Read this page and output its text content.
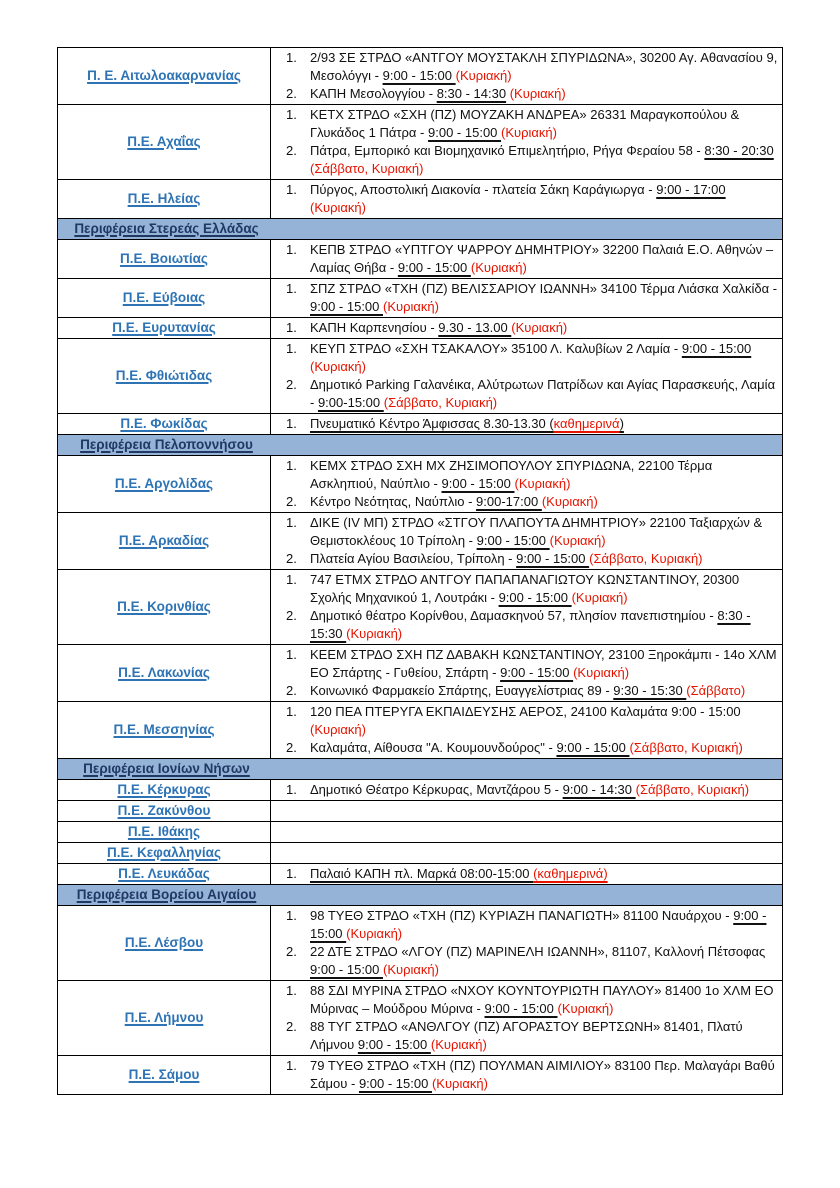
Π. Ε. Αιτωλοακαρνανίας	
1.	2/93 ΣΕ ΣΤΡΔΟ «ΑΝΤΓΟΥ ΜΟΥΣΤΑΚΛΗ ΣΠΥΡΙΔΩΝΑ», 30200 Αγ. Αθανασίου 9, Μεσολόγγι - 9:00 - 15:00 (Κυριακή)
2.	ΚΑΠΗ Μεσολογγίου - 8:30 - 14:30 (Κυριακή)

Π.Ε. Αχαΐας	
1.	ΚΕΤΧ ΣΤΡΔΟ «ΣΧΗ (ΠΖ) ΜΟΥΖΑΚΗ ΑΝΔΡΕΑ» 26331 Μαραγκοπούλου & Γλυκάδος 1 Πάτρα - 9:00 - 15:00 (Κυριακή)
2.	Πάτρα, Εμπορικό και Βιομηχανικό Επιμελητήριο, Ρήγα Φεραίου 58 - 8:30 - 20:30 (Σάββατο, Κυριακή)

Π.Ε. Ηλείας	
1.	Πύργος, Αποστολική Διακονία - πλατεία Σάκη Καράγιωργα - 9:00 - 17:00 (Κυριακή)

Περιφέρεια Στερεάς Ελλάδας	
Π.Ε. Βοιωτίας	
1.	ΚΕΠΒ ΣΤΡΔΟ «ΥΠΤΓΟΥ ΨΑΡΡΟΥ ΔΗΜΗΤΡΙΟΥ» 32200 Παλαιά Ε.Ο. Αθηνών – Λαμίας Θήβα - 9:00 - 15:00 (Κυριακή)

Π.Ε. Εύβοιας	
1.	ΣΠΖ ΣΤΡΔΟ «ΤΧΗ (ΠΖ) ΒΕΛΙΣΣΑΡΙΟΥ ΙΩΑΝΝΗ» 34100 Τέρμα Λιάσκα Χαλκίδα - 9:00 - 15:00 (Κυριακή)

Π.Ε. Ευρυτανίας	1.	ΚΑΠΗ Καρπενησίου - 9.30 - 13.00 (Κυριακή)

Π.Ε. Φθιώτιδας	
1.	ΚΕΥΠ ΣΤΡΔΟ «ΣΧΗ ΤΣΑΚΑΛΟΥ» 35100 Λ. Καλυβίων 2 Λαμία - 9:00 - 15:00 (Κυριακή)
2.	Δημοτικό Parking Γαλανέικα, Αλύτρωτων Πατρίδων και Αγίας Παρασκευής, Λαμία - 9:00-15:00 (Σάββατο, Κυριακή)

Π.Ε. Φωκίδας	1.	Πνευματικό Κέντρο Άμφισσας 8.30-13.30 (καθημερινά)

Περιφέρεια Πελοποννήσου	
Π.Ε. Αργολίδας	
1.	ΚΕΜΧ ΣΤΡΔΟ ΣΧΗ ΜΧ ΖΗΣΙΜΟΠΟΥΛΟΥ ΣΠΥΡΙΔΩΝΑ, 22100 Τέρμα Ασκληπιού, Ναύπλιο - 9:00 - 15:00 (Κυριακή)
2.	Κέντρο Νεότητας, Ναύπλιο - 9:00-17:00 (Κυριακή)

Π.Ε. Αρκαδίας	
1.	ΔΙΚΕ (IV ΜΠ) ΣΤΡΔΟ «ΣΤΓΟΥ ΠΛΑΠΟΥΤΑ ΔΗΜΗΤΡΙΟΥ» 22100 Ταξιαρχών & Θεμιστοκλέους 10 Τρίπολη - 9:00 - 15:00 (Κυριακή)
2.	Πλατεία Αγίου Βασιλείου, Τρίπολη - 9:00 - 15:00 (Σάββατο, Κυριακή)

Π.Ε. Κορινθίας	
1.	747 ΕΤΜΧ ΣΤΡΔΟ ΑΝΤΓΟΥ ΠΑΠΑΠΑΝΑΓΙΩΤΟΥ ΚΩΝΣΤΑΝΤΙΝΟΥ, 20300 Σχολής Μηχανικού 1, Λουτράκι - 9:00 - 15:00 (Κυριακή)
2.	Δημοτικό θέατρο Κορίνθου, Δαμασκηνού 57, πλησίον πανεπιστημίου - 8:30 - 15:30 (Κυριακή)

Π.Ε. Λακωνίας	
1.	ΚΕΕΜ ΣΤΡΔΟ ΣΧΗ ΠΖ ΔΑΒΑΚΗ ΚΩΝΣΤΑΝΤΙΝΟΥ, 23100 Ξηροκάμπι - 14ο ΧΛΜ ΕΟ Σπάρτης - Γυθείου, Σπάρτη - 9:00 - 15:00 (Κυριακή)
2.	Κοινωνικό Φαρμακείο Σπάρτης, Ευαγγελίστριας 89 - 9:30 - 15:30 (Σάββατο)

Π.Ε. Μεσσηνίας	
1.	120 ΠΕΑ ΠΤΕΡΥΓΑ ΕΚΠΑΙΔΕΥΣΗΣ ΑΕΡΟΣ, 24100 Καλαμάτα 9:00 - 15:00 (Κυριακή)
2.	Καλαμάτα, Αίθουσα "Α. Κουμουνδούρος" - 9:00 - 15:00 (Σάββατο, Κυριακή)

Περιφέρεια Ιονίων Νήσων	
Π.Ε. Κέρκυρας	1.	Δημοτικό Θέατρο Κέρκυρας, Μαντζάρου 5 - 9:00 - 14:30 (Σάββατο, Κυριακή)

Π.Ε. Ζακύνθου	
Π.Ε. Ιθάκης	
Π.Ε. Κεφαλληνίας	
Π.Ε. Λευκάδας	1.	Παλαιό ΚΑΠΗ πλ. Μαρκά 08:00-15:00 (καθημερινά)

Περιφέρεια Βορείου Αιγαίου	
Π.Ε. Λέσβου	
1.	98 ΤΥΕΘ ΣΤΡΔΟ «ΤΧΗ (ΠΖ) ΚΥΡΙΑΖΗ ΠΑΝΑΓΙΩΤΗ» 81100 Ναυάρχου - 9:00 - 15:00 (Κυριακή)
2.	22 ΔΤΕ ΣΤΡΔΟ «ΛΓΟΥ (ΠΖ) ΜΑΡΙΝΕΛΗ ΙΩΑΝΝΗ», 81107, Καλλονή Πέτσοφας 9:00 - 15:00 (Κυριακή)

Π.Ε. Λήμνου	
1.	88 ΣΔΙ ΜΥΡΙΝΑ ΣΤΡΔΟ «ΝΧΟΥ ΚΟΥΝΤΟΥΡΙΩΤΗ ΠΑΥΛΟΥ» 81400 1ο ΧΛΜ ΕΟ Μύρινας – Μούδρου Μύρινα - 9:00 - 15:00 (Κυριακή)
2.	88 ΤΥΓ ΣΤΡΔΟ «ΑΝΘΛΓΟΥ (ΠΖ) ΑΓΟΡΑΣΤΟΥ ΒΕΡΤΣΩΝΗ» 81401, Πλατύ Λήμνου 9:00 - 15:00 (Κυριακή)

Π.Ε. Σάμου	
1.	79 ΤΥΕΘ ΣΤΡΔΟ «ΤΧΗ (ΠΖ) ΠΟΥΛΜΑΝ ΑΙΜΙΛΙΟΥ» 83100 Περ. Μαλαγάρι Βαθύ Σάμου - 9:00 - 15:00 (Κυριακή)
